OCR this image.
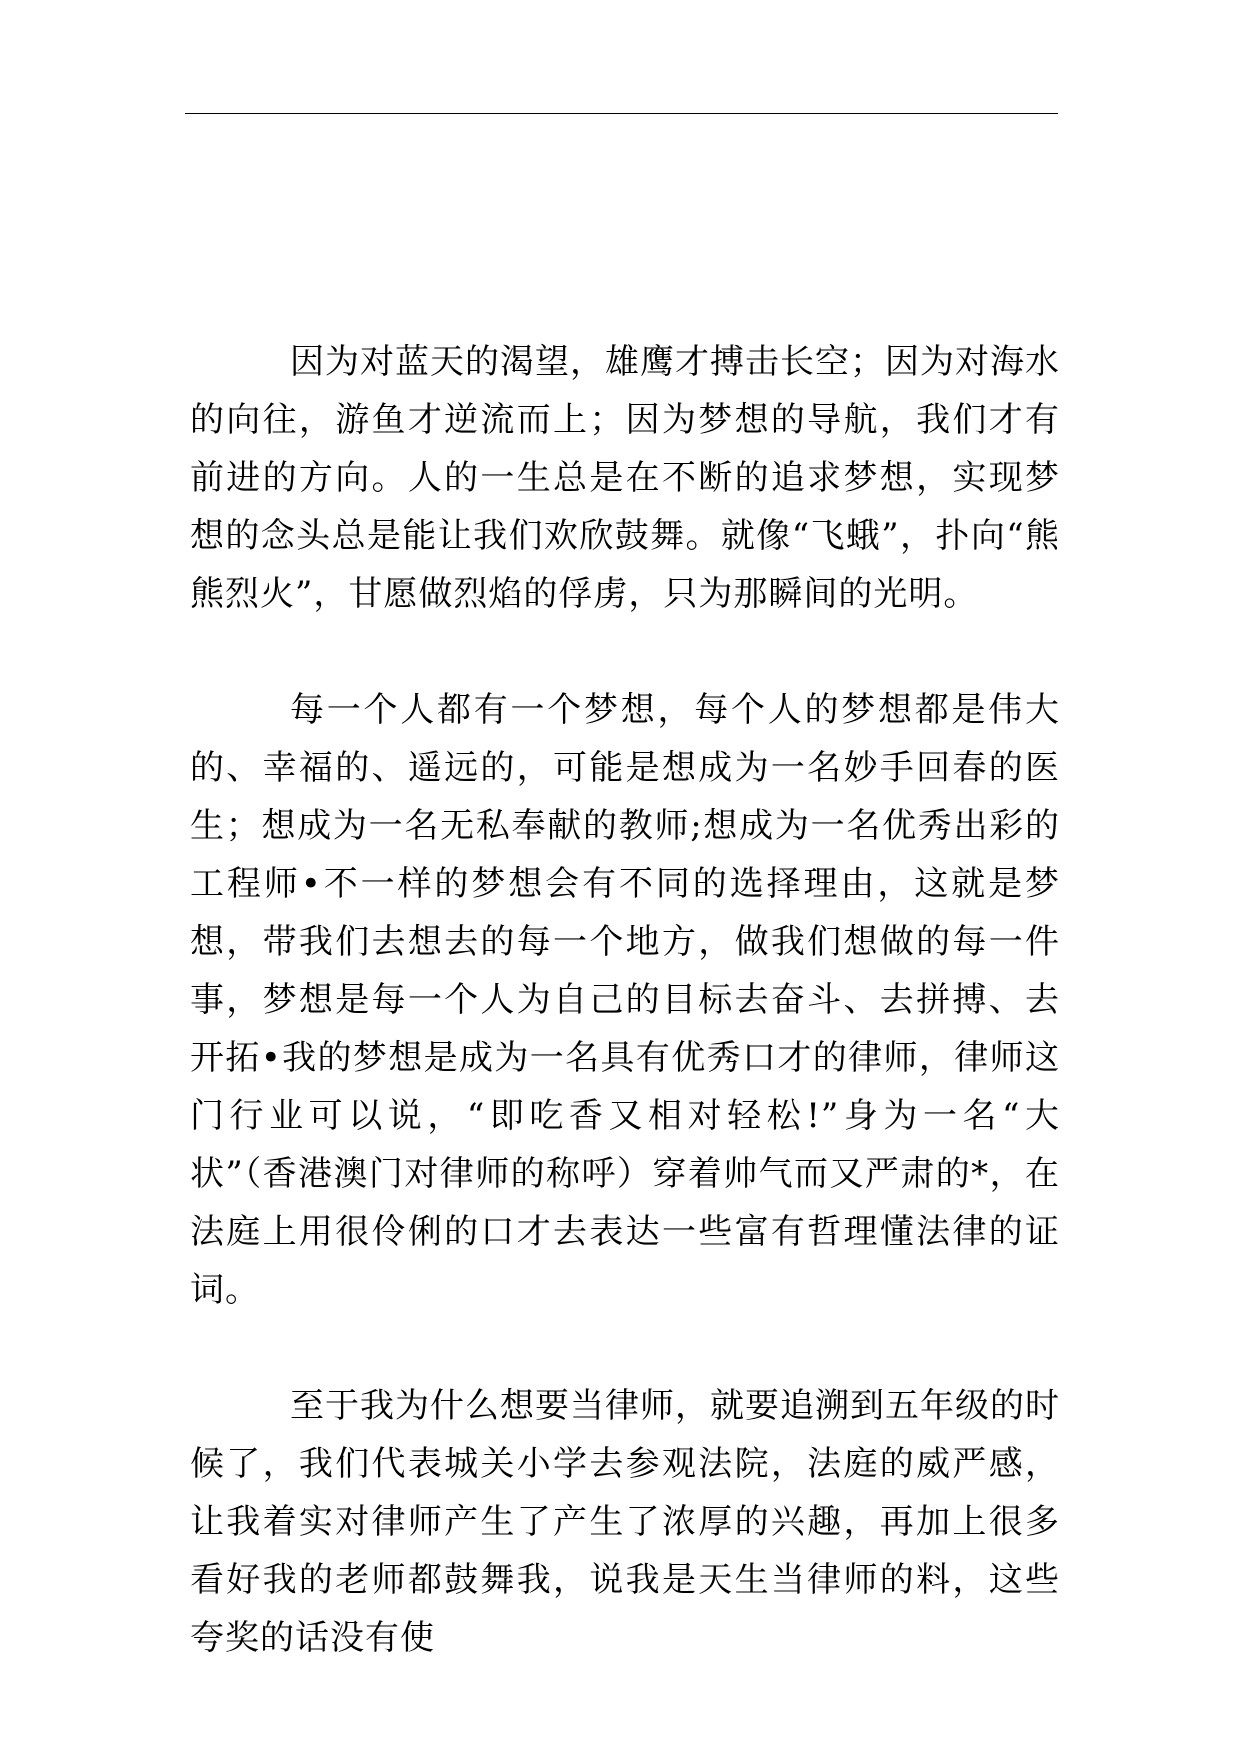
因为对蓝天的渴望，雄鹰才搏击长空；因为对海水的向往，游鱼才逆流而上；因为梦想的导航，我们才有前进的方向。人的一生总是在不断的追求梦想，实现梦想的念头总是能让我们欢欣鼓舞。就像“飞蛾”，扑向“熊熊烈火”，甘愿做烈焰的俘虏，只为那瞬间的光明。

每一个人都有一个梦想，每个人的梦想都是伟大的、幸福的、遥远的，可能是想成为一名妙手回春的医生；想成为一名无私奉献的教师;想成为一名优秀出彩的工程师•不一样的梦想会有不同的选择理由，这就是梦想，带我们去想去的每一个地方，做我们想做的每一件事，梦想是每一个人为自己的目标去奋斗、去拼搏、去开拓•我的梦想是成为一名具有优秀口才的律师，律师这门行业可以说，“即吃香又相对轻松!”身为一名“大状”（香港澳门对律师的称呼）穿着帅气而又严肃的*，在法庭上用很伶俐的口才去表达一些富有哲理懂法律的证词。

至于我为什么想要当律师，就要追溯到五年级的时候了，我们代表城关小学去参观法院，法庭的威严感，让我着实对律师产生了产生了浓厚的兴趣，再加上很多看好我的老师都鼓舞我，说我是天生当律师的料，这些夸奖的话没有使
